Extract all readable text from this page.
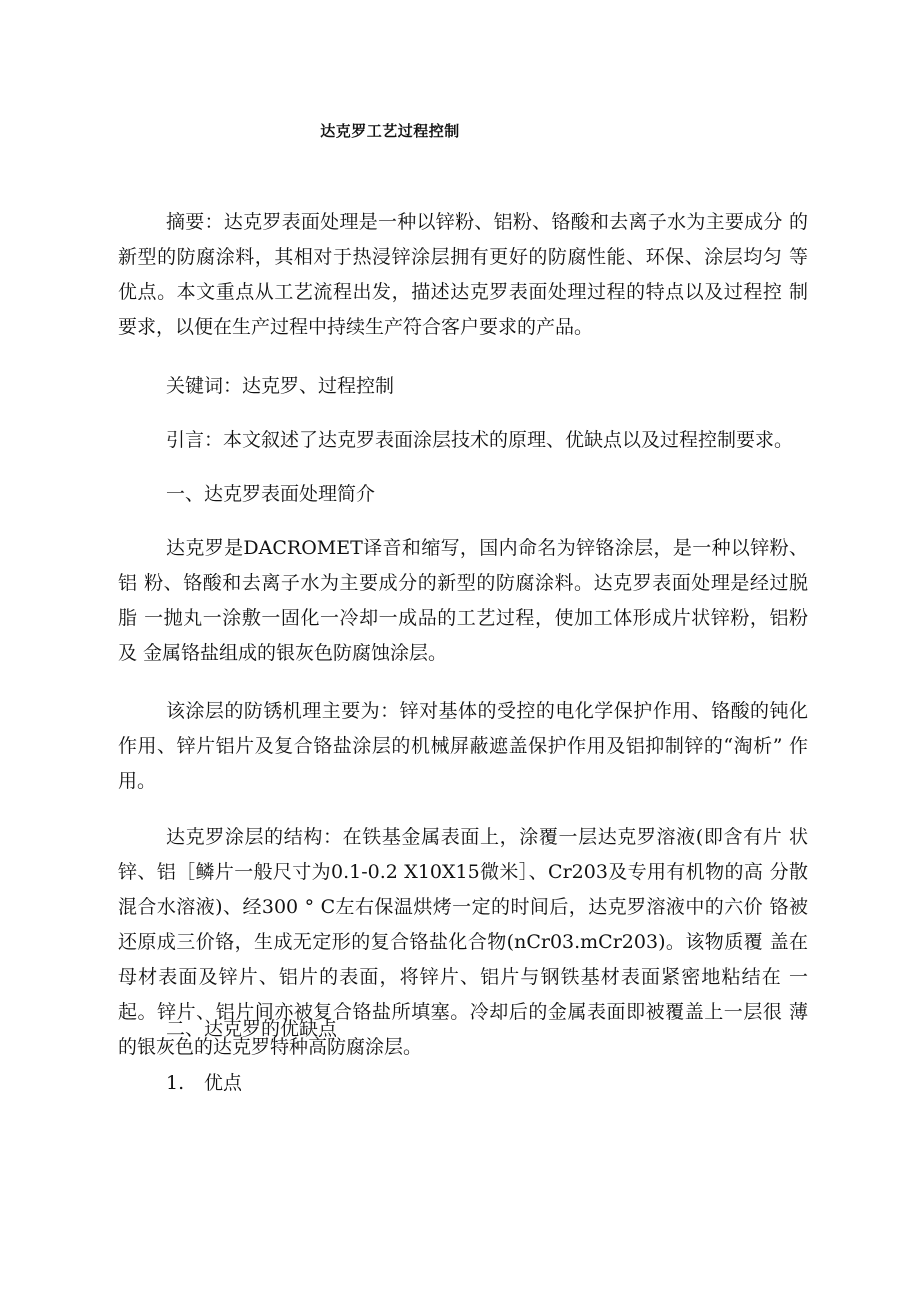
达克罗工艺过程控制

摘要：达克罗表面处理是一种以锌粉、铝粉、铬酸和去离子水为主要成分 的新型的防腐涂料，其相对于热浸锌涂层拥有更好的防腐性能、环保、涂层均匀 等优点。本文重点从工艺流程出发，描述达克罗表面处理过程的特点以及过程控 制要求，以便在生产过程中持续生产符合客户要求的产品。

关键词：达克罗、过程控制

引言：本文叙述了达克罗表面涂层技术的原理、优缺点以及过程控制要求。

一、达克罗表面处理简介

达克罗是DACROMET译音和缩写，国内命名为锌铬涂层，是一种以锌粉、铝 粉、铬酸和去离子水为主要成分的新型的防腐涂料。达克罗表面处理是经过脱脂 一抛丸一涂敷一固化一冷却一成品的工艺过程，使加工体形成片状锌粉，铝粉及 金属铬盐组成的银灰色防腐蚀涂层。

该涂层的防锈机理主要为：锌对基体的受控的电化学保护作用、铬酸的钝化 作用、锌片铝片及复合铬盐涂层的机械屏蔽遮盖保护作用及铝抑制锌的“淘析” 作用。

达克罗涂层的结构：在铁基金属表面上，涂覆一层达克罗溶液(即含有片 状锌、铝［鳞片一般尺寸为0.1-0.2 X10X15微米］、Cr203及专用有机物的高 分散混合水溶液)、经300 ° C左右保温烘烤一定的时间后，达克罗溶液中的六价 铬被还原成三价铬，生成无定形的复合铬盐化合物(nCr03.mCr203)。该物质覆 盖在母材表面及锌片、铝片的表面，将锌片、铝片与钢铁基材表面紧密地粘结在 一起。锌片、铝片间亦被复合铬盐所填塞。冷却后的金属表面即被覆盖上一层很 薄的银灰色的达克罗特种高防腐涂层。

二、达克罗的优缺点

1. 优点
